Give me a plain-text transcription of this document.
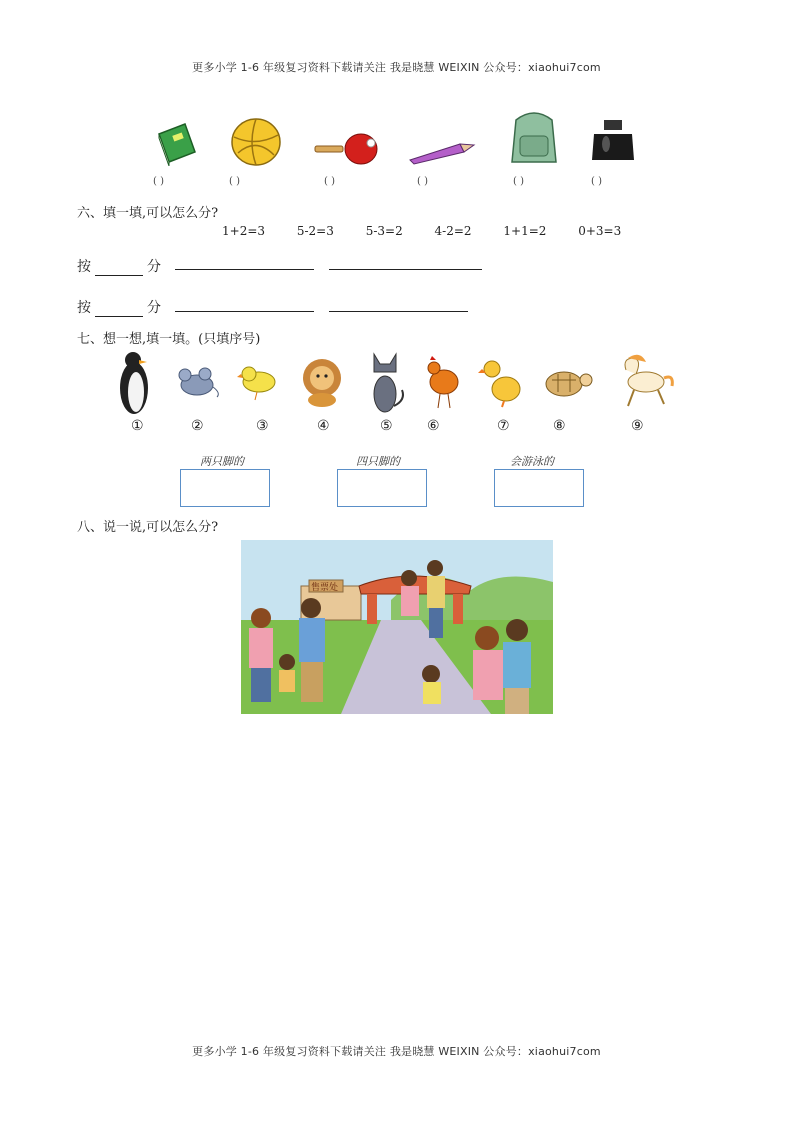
更多小学 1-6 年级复习资料下载请关注 我是晓慧 WEIXIN 公众号：xiaohui7com
( )	( )	( )	( )	( )	( )
六、填一填,可以怎么分?
1+2=3	5-2=3	5-3=2	4-2=2	1+1=2	0+3=3
按	分
按	分
七、想一想,填一填。(只填序号)
①	②	③	④	⑤ ⑥	⑦	⑧	⑨
两只脚的	四只脚的	会游泳的
八、说一说,可以怎么分?
售票处
更多小学 1-6 年级复习资料下载请关注 我是晓慧 WEIXIN 公众号：xiaohui7com
